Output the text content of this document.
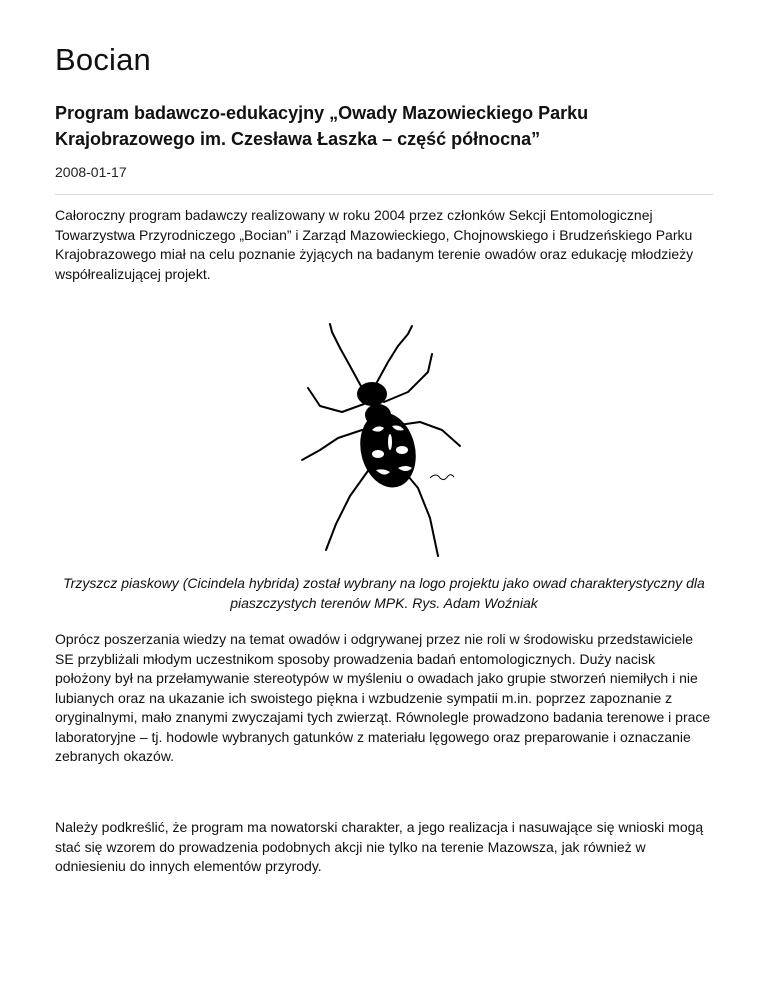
Bocian
Program badawczo-edukacyjny „Owady Mazowieckiego Parku Krajobrazowego im. Czesława Łaszka – część północna”
2008-01-17

Całoroczny program badawczy realizowany w roku 2004 przez członków Sekcji Entomologicznej Towarzystwa Przyrodniczego „Bocian” i Zarząd Mazowieckiego, Chojnowskiego i Brudzeńskiego Parku Krajobrazowego miał na celu poznanie żyjących na badanym terenie owadów oraz edukację młodzieży współrealizującej projekt.

Trzyszcz piaskowy (Cicindela hybrida) został wybrany na logo projektu jako owad charakterystyczny dla piaszczystych terenów MPK. Rys. Adam Woźniak

Oprócz poszerzania wiedzy na temat owadów i odgrywanej przez nie roli w środowisku przedstawiciele SE przybliżali młodym uczestnikom sposoby prowadzenia badań entomologicznych. Duży nacisk położony był na przełamywanie stereotypów w myśleniu o owadach jako grupie stworzeń niemiłych i nie lubianych oraz na ukazanie ich swoistego piękna i wzbudzenie sympatii m.in. poprzez zapoznanie z oryginalnymi, mało znanymi zwyczajami tych zwierząt. Równolegle prowadzono badania terenowe i prace laboratoryjne – tj. hodowle wybranych gatunków z materiału lęgowego oraz preparowanie i oznaczanie zebranych okazów.

Należy podkreślić, że program ma nowatorski charakter, a jego realizacja i nasuwające się wnioski mogą stać się wzorem do prowadzenia podobnych akcji nie tylko na terenie Mazowsza, jak również w odniesieniu do innych elementów przyrody.
